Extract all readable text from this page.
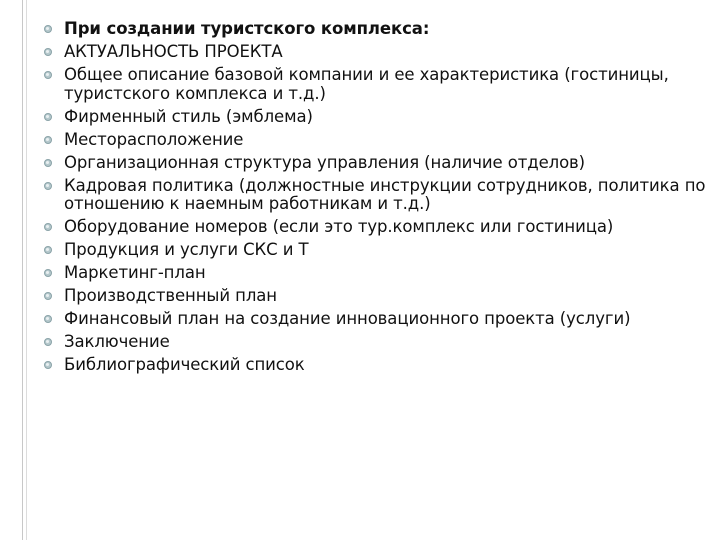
При создании туристского комплекса:
АКТУАЛЬНОСТЬ ПРОЕКТА
Общее описание базовой компании и ее характеристика (гостиницы, туристского комплекса и т.д.)
Фирменный стиль (эмблема)
Месторасположение
Организационная структура управления (наличие отделов)
Кадровая политика (должностные инструкции сотрудников, политика по отношению к наемным работникам и т.д.)
Оборудование номеров (если это тур.комплекс или гостиница)
Продукция и услуги СКС и Т
Маркетинг-план
Производственный план
Финансовый план на создание инновационного проекта (услуги)
Заключение
Библиографический список
